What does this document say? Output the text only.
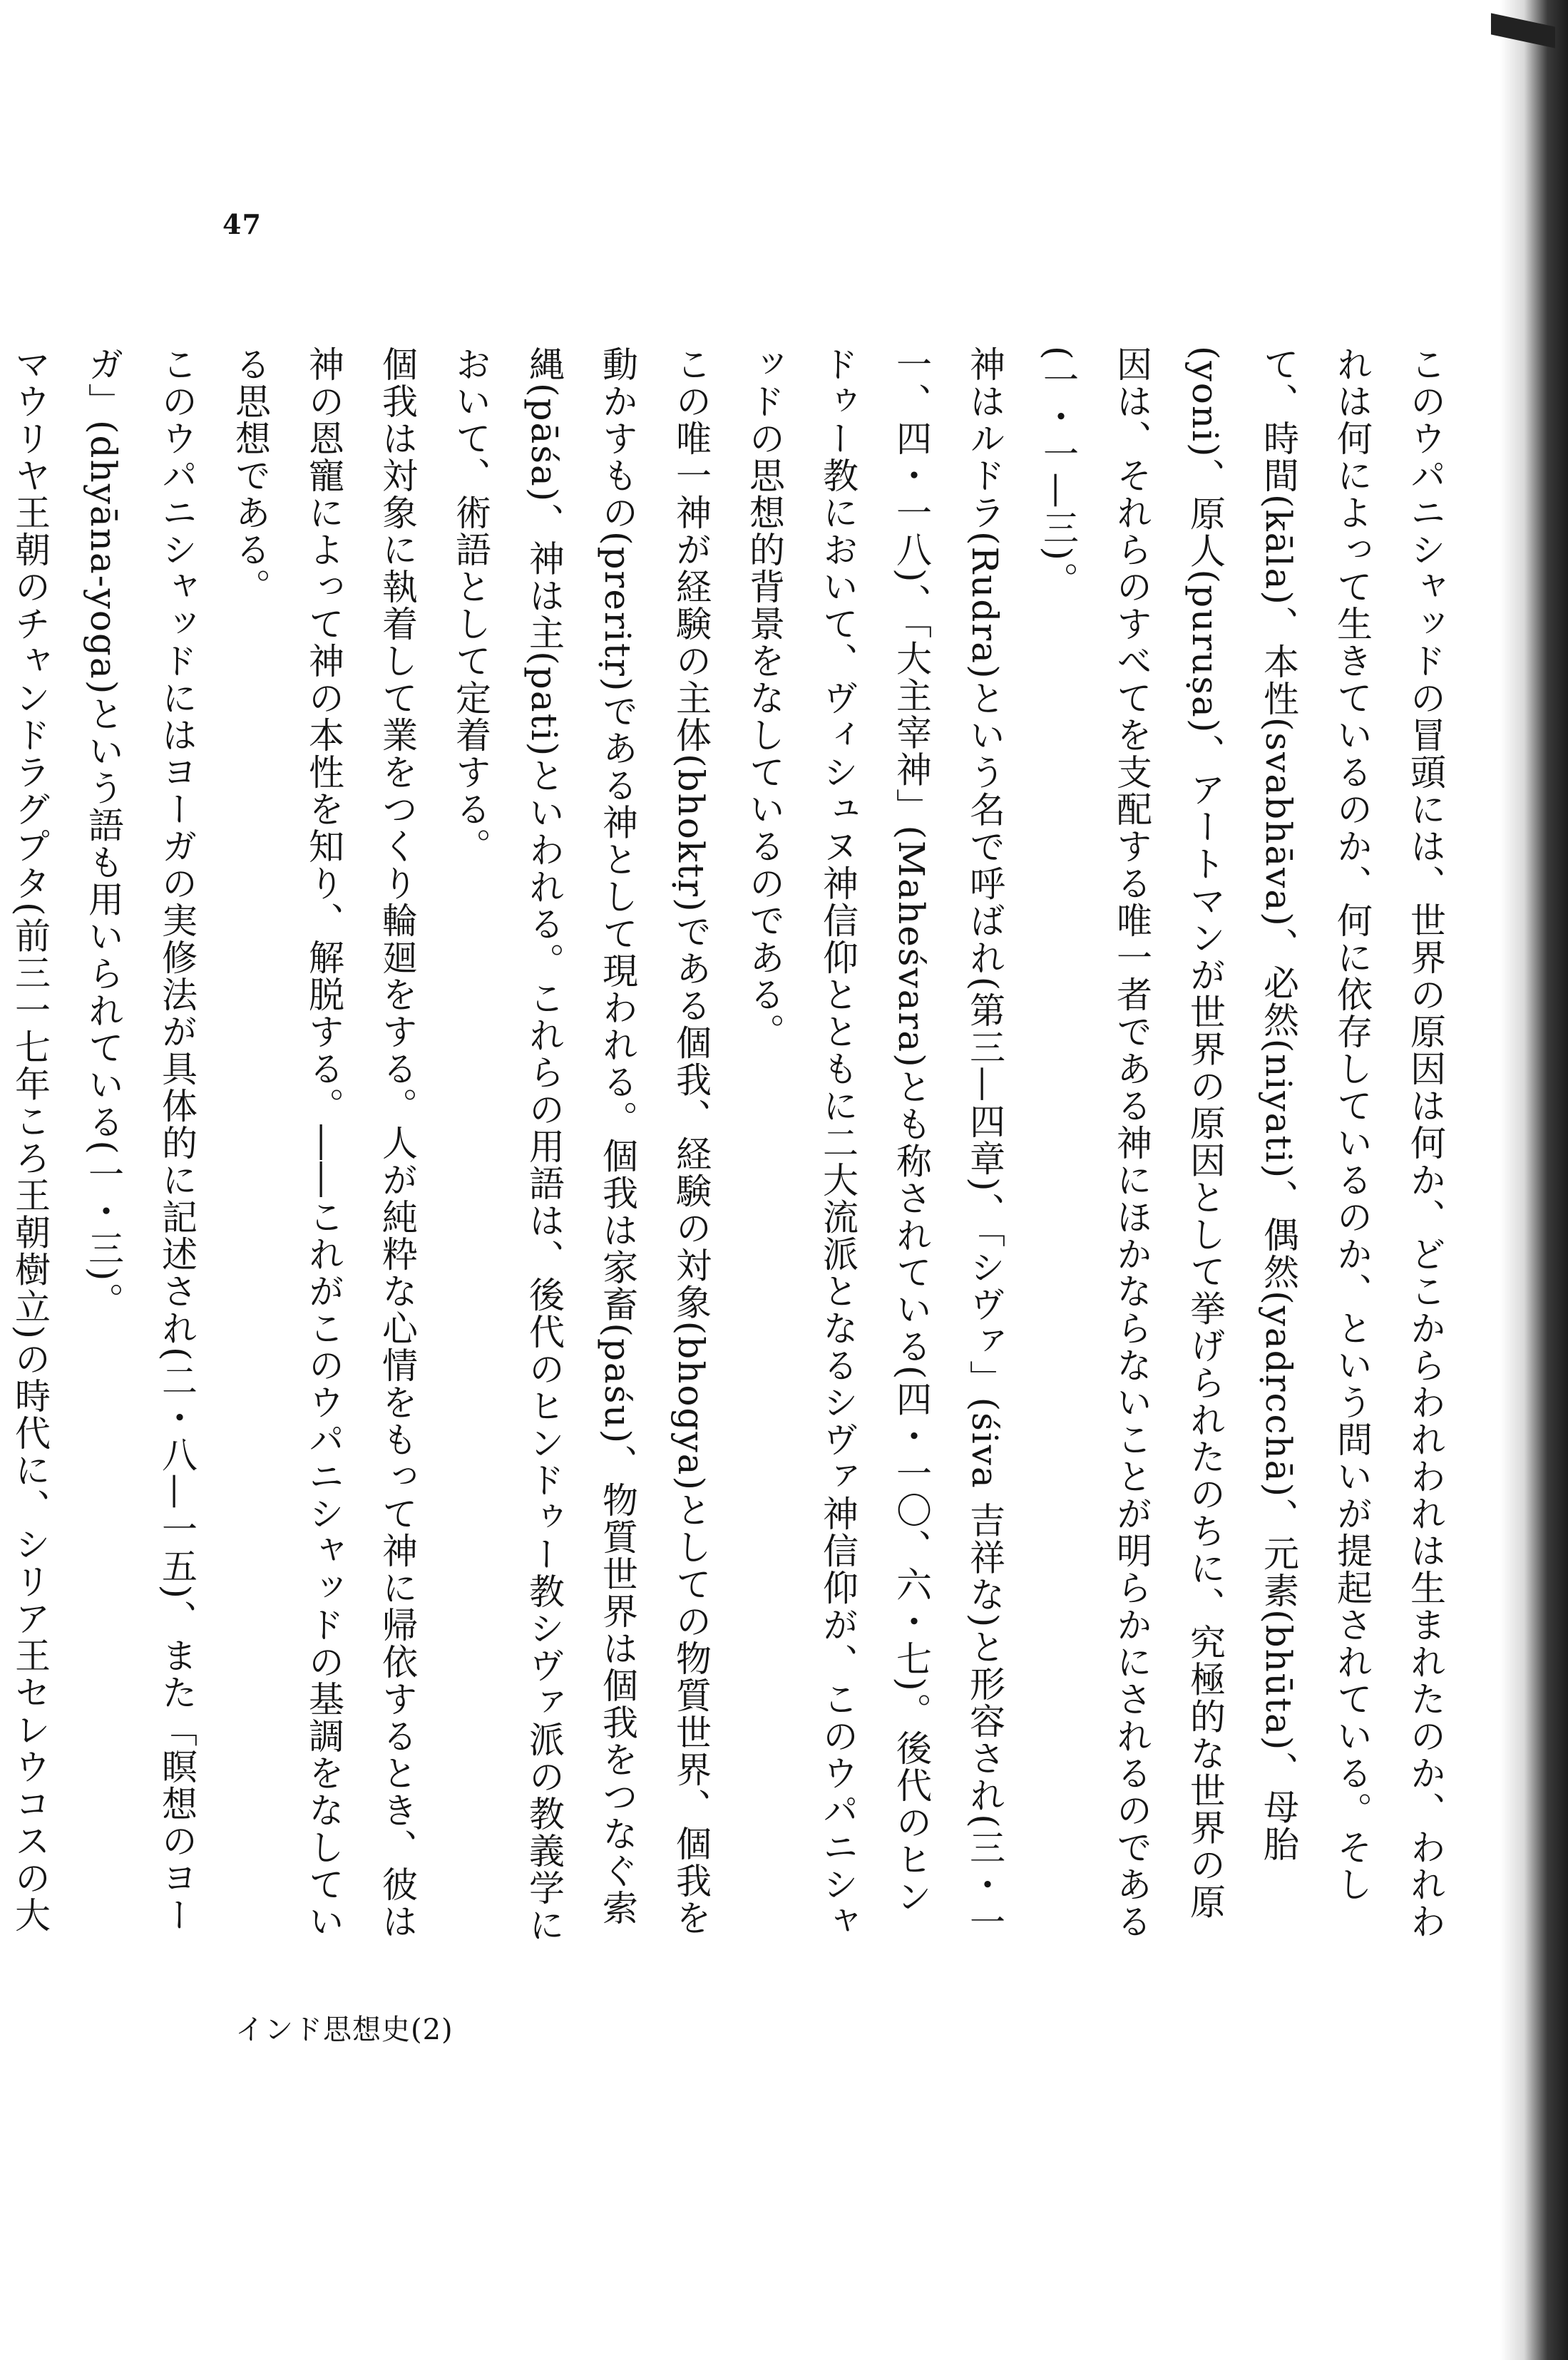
47

このウパニシャッドの冒頭には、世界の原因は何か、どこからわれわれは生まれたのか、われわれは何によって生きているのか、何に依存しているのか、という問いが提起されている。そして、時間(kāla)、本性(svabhāva)、必然(niyati)、偶然(yadṛcchā)、元素(bhūta)、母胎(yoni)、原人(puruṣa)、アートマンが世界の原因として挙げられたのちに、究極的な世界の原因は、それらのすべてを支配する唯一者である神にほかならないことが明らかにされるのである(一・一—三)。

神はルドラ(Rudra)という名で呼ばれ(第三—四章)、「シヴァ」(śiva 吉祥な)と形容され(三・一一、四・一八)、「大主宰神」(Maheśvara)とも称されている(四・一〇、六・七)。後代のヒンドゥー教において、ヴィシュヌ神信仰とともに二大流派となるシヴァ神信仰が、このウパニシャッドの思想的背景をなしているのである。

この唯一神が経験の主体(bhoktṛ)である個我、経験の対象(bhogya)としての物質世界、個我を動かすもの(preritṛ)である神として現われる。個我は家畜(paśu)、物質世界は個我をつなぐ索縄(pāśa)、神は主(pati)といわれる。これらの用語は、後代のヒンドゥー教シヴァ派の教義学において、術語として定着する。

個我は対象に執着して業をつくり輪廻をする。人が純粋な心情をもって神に帰依するとき、彼は神の恩寵によって神の本性を知り、解脱する。――これがこのウパニシャッドの基調をなしている思想である。

このウパニシャッドにはヨーガの実修法が具体的に記述され(二・八—一五)、また「瞑想のヨーガ」(dhyāna-yoga)という語も用いられている(一・三)。

マウリヤ王朝のチャンドラグプタ(前三一七年ころ王朝樹立)の時代に、シリア王セレウコスの大

インド思想史(2)
